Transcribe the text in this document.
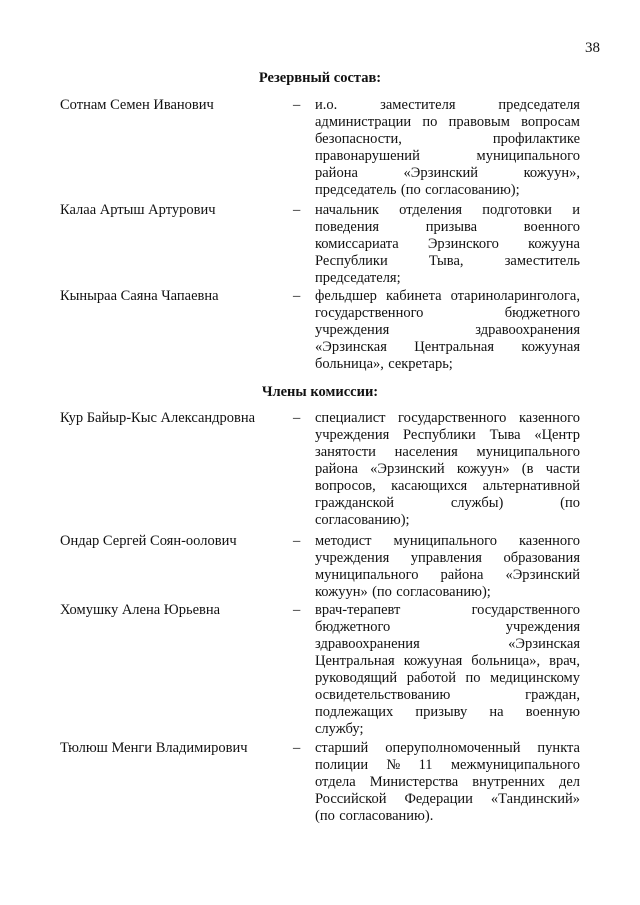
38
Резервный состав:
Сотнам Семен Иванович	– и.о.	заместителя	председателя
администрации по правовым вопросам
безопасности,	профилактике
правонарушений	муниципального
района	«Эрзинский	кожуун»,
председатель (по согласованию);
Калаа Артыш Артурович	– начальник отделения подготовки и
поведения	призыва	военного
комиссариата Эрзинского кожууна
Республики	Тыва,	заместитель
председателя;
Кыныраа Саяна Чапаевна	– фельдшер кабинета отариноларинголога,
государственного	бюджетного
учреждения	здравоохранения
«Эрзинская Центральная кожууная
больница», секретарь;
Члены комиссии:
Кур Байыр-Кыс Александровна	– специалист государственного казенного
учреждения Республики Тыва «Центр
занятости населения муниципального
района «Эрзинский кожуун» (в части
вопросов, касающихся альтернативной
гражданской	службы)	(по
согласованию);
Ондар Сергей Соян-оолович	– методист муниципального казенного
учреждения управления образования
муниципального района «Эрзинский
кожуун» (по согласованию);
Хомушку Алена Юрьевна	– врач-терапевт	государственного
бюджетного	учреждения
здравоохранения	«Эрзинская
Центральная кожууная больница», врач,
руководящий работой по медицинскому
освидетельствованию	граждан,
подлежащих призыву на военную
службу;
Тюлюш Менги Владимирович	– старший оперуполномоченный пункта
полиции № 11 межмуниципального
отдела Министерства внутренних дел
Российской Федерации «Тандинский»
(по согласованию).
